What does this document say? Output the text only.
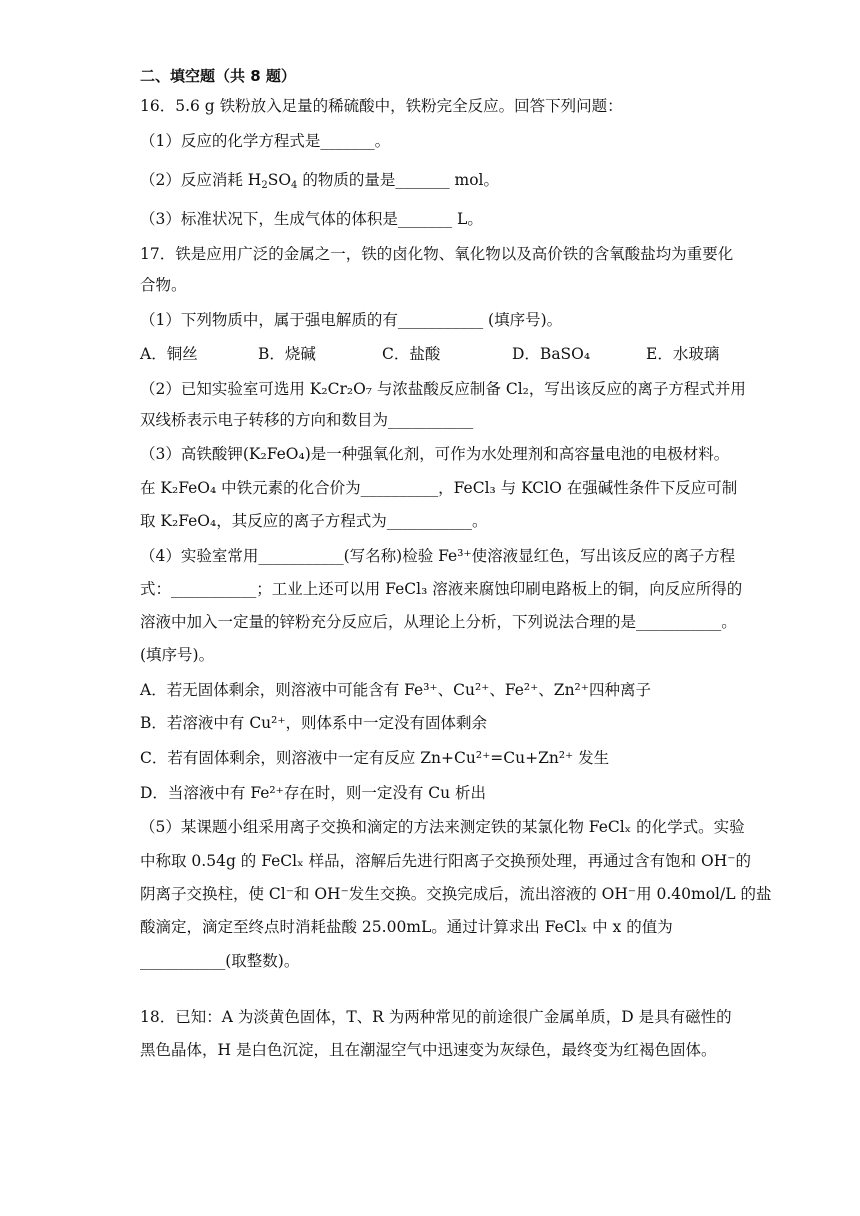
二、填空题（共 8 题）
16．5.6 g 铁粉放入足量的稀硫酸中，铁粉完全反应。回答下列问题：
（1）反应的化学方程式是_______。
（2）反应消耗 $H_2SO_4$ 的物质的量是_______ mol。
（3）标准状况下，生成气体的体积是_______ L。
17．铁是应用广泛的金属之一，铁的卤化物、氧化物以及高价铁的含氧酸盐均为重要化
合物。
（1）下列物质中，属于强电解质的有___________ (填序号)。
A．铜丝	B．烧碱	C．盐酸	D．BaSO₄	E．水玻璃
（2）已知实验室可选用 K₂Cr₂O₇ 与浓盐酸反应制备 Cl₂，写出该反应的离子方程式并用
双线桥表示电子转移的方向和数目为___________
（3）高铁酸钾(K₂FeO₄)是一种强氧化剂，可作为水处理剂和高容量电池的电极材料。
在 K₂FeO₄ 中铁元素的化合价为__________，FeCl₃ 与 KClO 在强碱性条件下反应可制
取 K₂FeO₄，其反应的离子方程式为___________。
（4）实验室常用___________(写名称)检验 Fe³⁺使溶液显红色，写出该反应的离子方程
式：___________；工业上还可以用 FeCl₃ 溶液来腐蚀印刷电路板上的铜，向反应所得的
溶液中加入一定量的锌粉充分反应后，从理论上分析，下列说法合理的是___________。
(填序号)。
A．若无固体剩余，则溶液中可能含有 Fe³⁺、Cu²⁺、Fe²⁺、Zn²⁺四种离子
B．若溶液中有 Cu²⁺，则体系中一定没有固体剩余
C．若有固体剩余，则溶液中一定有反应 Zn+Cu²⁺=Cu+Zn²⁺ 发生
D．当溶液中有 Fe²⁺存在时，则一定没有 Cu 析出
（5）某课题小组采用离子交换和滴定的方法来测定铁的某氯化物 FeClₓ 的化学式。实验
中称取 0.54g 的 FeClₓ 样品，溶解后先进行阳离子交换预处理，再通过含有饱和 OH⁻的
阴离子交换柱，使 Cl⁻和 OH⁻发生交换。交换完成后，流出溶液的 OH⁻用 0.40mol/L 的盐
酸滴定，滴定至终点时消耗盐酸 25.00mL。通过计算求出 FeClₓ 中 x 的值为
___________(取整数)。
18．已知：A 为淡黄色固体，T、R 为两种常见的前途很广金属单质，D 是具有磁性的
黑色晶体，H 是白色沉淀，且在潮湿空气中迅速变为灰绿色，最终变为红褐色固体。
